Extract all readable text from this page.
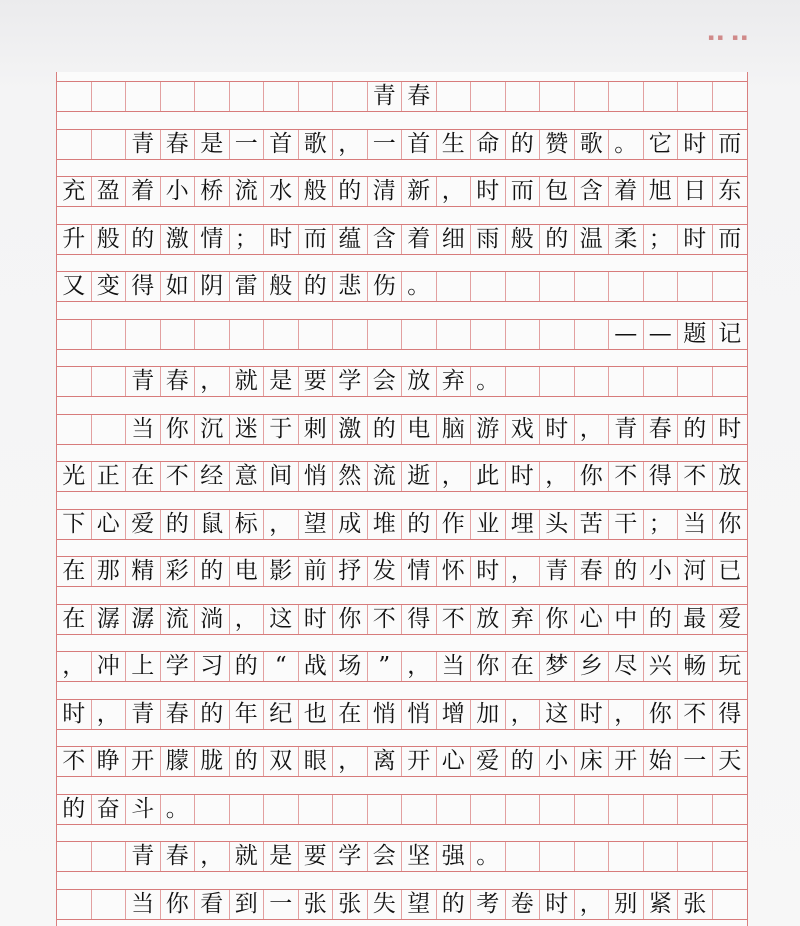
▪▪ ▪▪
青 春
青 春 是 一 首 歌 ， 一 首 生 命 的 赞 歌 。 它 时 而
充 盈 着 小 桥 流 水 般 的 清 新 ， 时 而 包 含 着 旭 日 东
升 般 的 激 情 ； 时 而 蕴 含 着 细 雨 般 的 温 柔 ； 时 而
又 变 得 如 阴 雷 般 的 悲 伤 。
— — 题 记
青 春 ， 就 是 要 学 会 放 弃 。
当 你 沉 迷 于 刺 激 的 电 脑 游 戏 时 ， 青 春 的 时
光 正 在 不 经 意 间 悄 然 流 逝 ， 此 时 ， 你 不 得 不 放
下 心 爱 的 鼠 标 ， 望 成 堆 的 作 业 埋 头 苦 干 ； 当 你
在 那 精 彩 的 电 影 前 抒 发 情 怀 时 ， 青 春 的 小 河 已
在 潺 潺 流 淌 ， 这 时 你 不 得 不 放 弃 你 心 中 的 最 爱
， 冲 上 学 习 的 “ 战 场 ” ， 当 你 在 梦 乡 尽 兴 畅 玩
时 ， 青 春 的 年 纪 也 在 悄 悄 增 加 ， 这 时 ， 你 不 得
不 睁 开 朦 胧 的 双 眼 ， 离 开 心 爱 的 小 床 开 始 一 天
的 奋 斗 。
青 春 ， 就 是 要 学 会 坚 强 。
当 你 看 到 一 张 张 失 望 的 考 卷 时 ， 别 紧 张
